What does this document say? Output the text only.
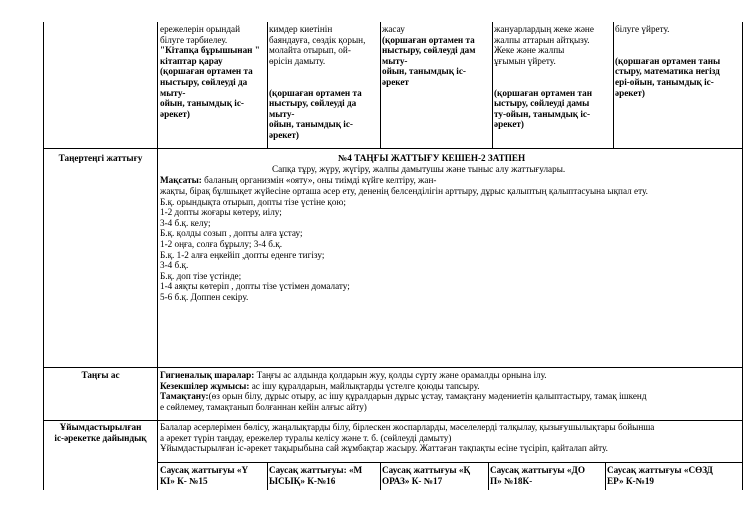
ережелерін орындай
білуге тәрбиелеу.
"Кітапқа бұрышынан "
кітаптар қарау
(қоршаған ортамен та
ныстыру, сөйлеуді да
мыту-
ойын, танымдық іс-
әрекет)
кимдер киетінін
баяндауға, сөздік қорын,
молайта отырып, ой-
өрісін дамыту.
(қоршаған ортамен та
ныстыру, сөйлеуді да
мыту-
ойын, танымдық іс-
әрекет)
жасау
(қоршаған ортамен та
ныстыру, сөйлеуді дам
мыту-
ойын, танымдық іс-
әрекет
жануарлардың жеке және
жалпы аттарын айтқызу.
Жеке және жалпы
ұғымын үйрету.
(қоршаған ортамен тан
ыстыру, сөйлеуді дамы
ту-ойын, танымдық іс-
әрекет)
білуге үйрету.
(қоршаған ортамен таны
стыру, математика негізд
ері-ойын, танымдық іс-
әрекет)
Таңертеңгі жаттығу	№4 ТАҢҒЫ ЖАТТЫҒУ КЕШЕН-2 ЗАТПЕН
Сапқа тұру, жүру, жүгіру, жалпы дамытушы және тыныс алу жаттығулары.
Мақсаты: баланың организмін «ояту», оны тиімді күйге келтіру, жан-
жақты, бірақ бұлшықет жүйесіне орташа әсер ету, дененің белсенділігін арттыру, дұрыс қалыптың қалыптасуына ықпал ету.
Б.қ. орындықта отырып, допты тізе үстіне қою;
1-2 допты жоғары көтеру, иілу;
3-4 б.қ. келу;
Б.қ. қолды созып , допты алға ұстау;
1-2 оңға, солға бұрылу; 3-4 б.қ.
Б.қ. 1-2 алға еңкейіп ,допты еденге тигізу;
3-4 б.қ.
Б.қ. доп тізе үстінде;
1-4 аяқты көтеріп , допты тізе үстімен домалату;
5-6 б.қ. Доппен секіру.
Таңғы ас	Гигиеналық шаралар: Таңғы ас алдында қолдарын жуу, қолды сүрту және орамалды орнына ілу.
Кезекшілер жұмысы: ас ішу құралдарын, майлықтарды үстелге қоюды тапсыру.
Тамақтану:(өз орын білу, дұрыс отыру, ас ішу құралдарын дұрыс ұстау, тамақтану мәдениетін қалыптастыру, тамақ ішкенд
е сөйлемеу, тамақтанып болғаннан кейін алғыс айту)
Ұйымдастырылған
іс-әрекетке дайындық
Балалар әсерлерімен бөлісу, жаңалықтарды білу, бірлескен жоспарларды, мәселелерді талқылау, қызығушылықтары бойынша
а әрекет түрін таңдау, ережелер туралы келісу және т. б. (сөйлеуді дамыту)
Ұйымдастырылған іс-әрекет тақырыбына сай жұмбақтар жасыру. Жаттаған тақпақты есіне түсіріп, қайталап айту.
Саусақ жаттығуы «Ү
КІ» К- №15
Саусақ жаттығуы: «М
ЫСЫҚ» К-№16
Саусақ жаттығуы «Қ
ОРАЗ» К- №17
Саусақ жаттығуы «ДО
П» №18К-
Саусақ жаттығуы «СӨЗД
ЕР» К-№19
